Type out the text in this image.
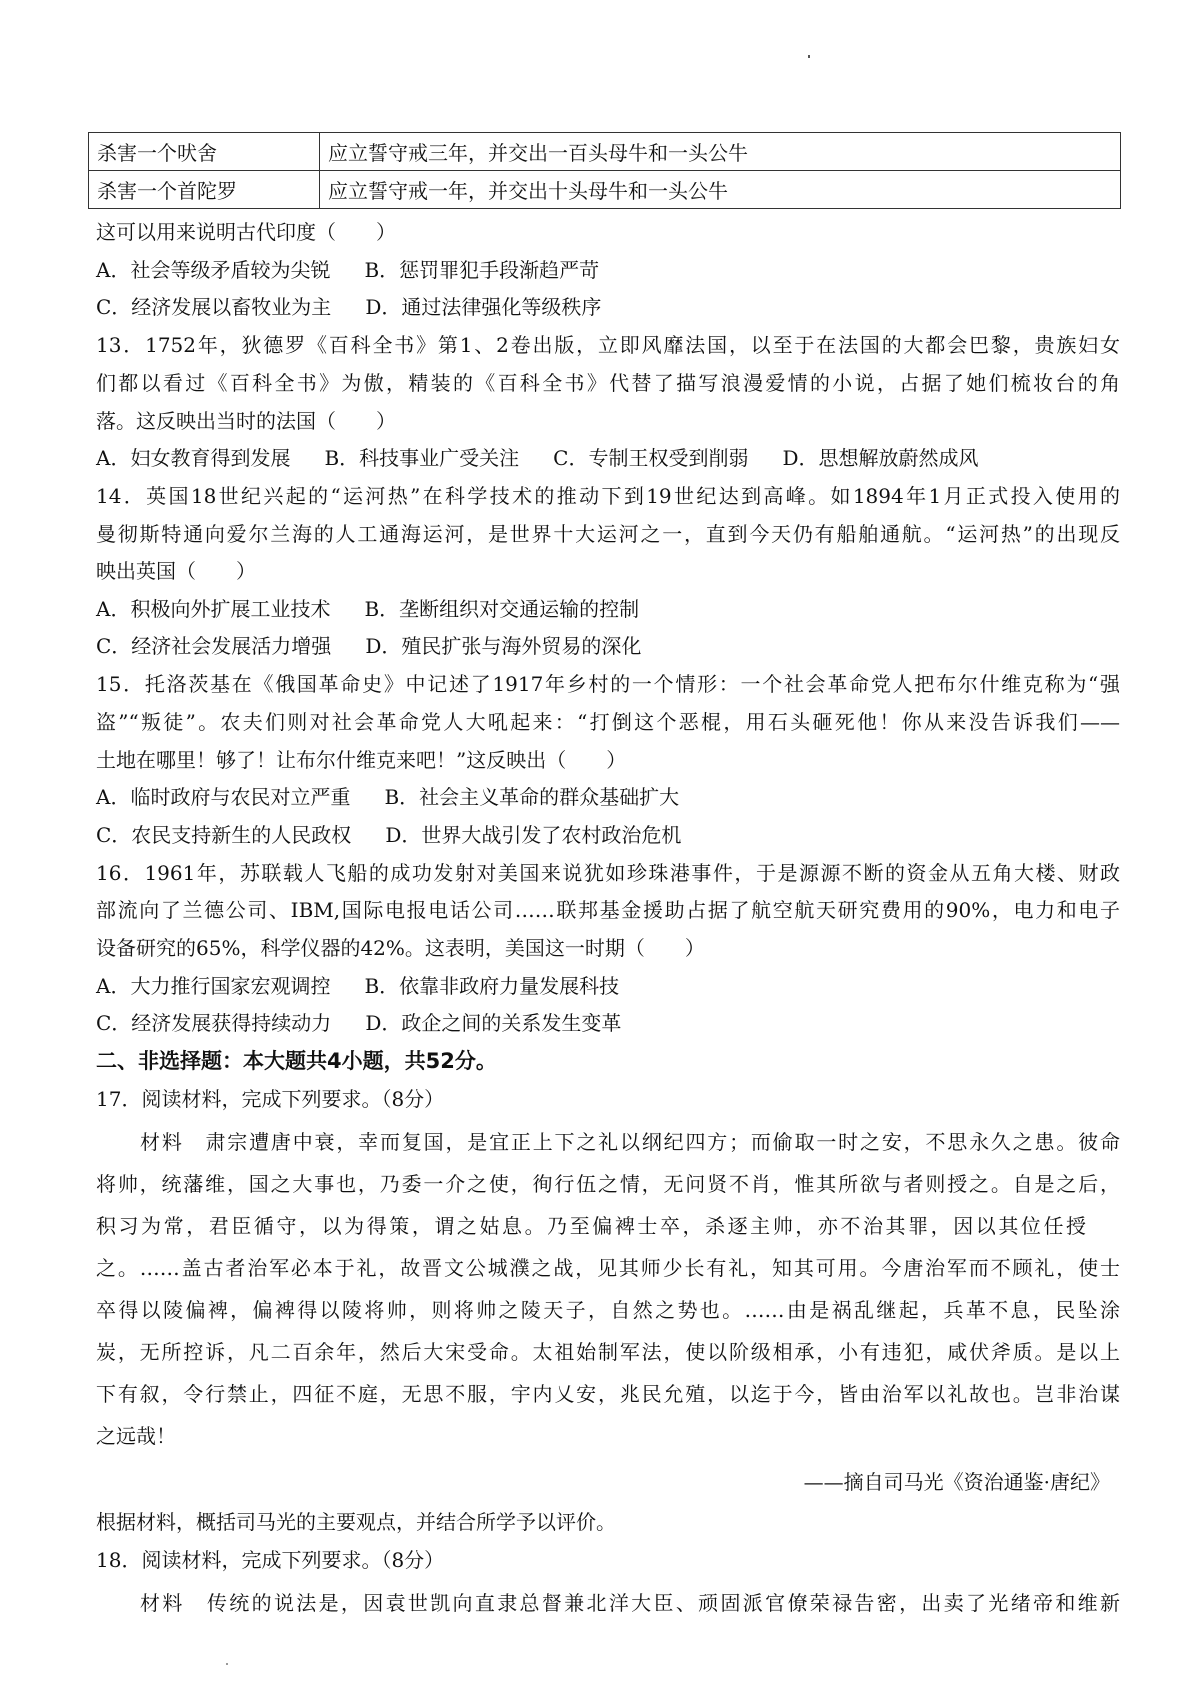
杀害一个吠舍	应立誓守戒三年，并交出一百头母牛和一头公牛
杀害一个首陀罗	应立誓守戒一年，并交出十头母牛和一头公牛
这可以用来说明古代印度（　　）
A．社会等级矛盾较为尖锐 B．惩罚罪犯手段渐趋严苛
C．经济发展以畜牧业为主 D．通过法律强化等级秩序
13．1752年，狄德罗《百科全书》第1、2卷出版，立即风靡法国，以至于在法国的大都会巴黎，贵族妇女
们都以看过《百科全书》为傲，精装的《百科全书》代替了描写浪漫爱情的小说，占据了她们梳妆台的角
落。这反映出当时的法国（　　）
A．妇女教育得到发展 B．科技事业广受关注 C．专制王权受到削弱 D．思想解放蔚然成风
14．英国18世纪兴起的“运河热”在科学技术的推动下到19世纪达到高峰。如1894年1月正式投入使用的
曼彻斯特通向爱尔兰海的人工通海运河，是世界十大运河之一，直到今天仍有船舶通航。“运河热”的出现反
映出英国（　　）
A．积极向外扩展工业技术 B．垄断组织对交通运输的控制
C．经济社会发展活力增强 D．殖民扩张与海外贸易的深化
15．托洛茨基在《俄国革命史》中记述了1917年乡村的一个情形：一个社会革命党人把布尔什维克称为“强
盗”“叛徒”。农夫们则对社会革命党人大吼起来：“打倒这个恶棍，用石头砸死他！你从来没告诉我们——
土地在哪里！够了！让布尔什维克来吧！”这反映出（　　）
A．临时政府与农民对立严重 B．社会主义革命的群众基础扩大
C．农民支持新生的人民政权 D．世界大战引发了农村政治危机
16．1961年，苏联载人飞船的成功发射对美国来说犹如珍珠港事件，于是源源不断的资金从五角大楼、财政
部流向了兰德公司、IBM,国际电报电话公司……联邦基金援助占据了航空航天研究费用的90%，电力和电子
设备研究的65%，科学仪器的42%。这表明，美国这一时期（　　）
A．大力推行国家宏观调控 B．依靠非政府力量发展科技
C．经济发展获得持续动力 D．政企之间的关系发生变革
二、非选择题：本大题共4小题，共52分。
17．阅读材料，完成下列要求。（8分）
材料　肃宗遭唐中衰，幸而复国，是宜正上下之礼以纲纪四方；而偷取一时之安，不思永久之患。彼命
将帅，统藩维，国之大事也，乃委一介之使，徇行伍之情，无问贤不肖，惟其所欲与者则授之。自是之后，
积习为常，君臣循守，以为得策，谓之姑息。乃至偏裨士卒，杀逐主帅，亦不治其罪，因以其位任授
之。……盖古者治军必本于礼，故晋文公城濮之战，见其师少长有礼，知其可用。今唐治军而不顾礼，使士
卒得以陵偏裨，偏裨得以陵将帅，则将帅之陵天子，自然之势也。……由是祸乱继起，兵革不息，民坠涂
炭，无所控诉，凡二百余年，然后大宋受命。太祖始制军法，使以阶级相承，小有违犯，咸伏斧质。是以上
下有叙，令行禁止，四征不庭，无思不服，宇内乂安，兆民允殖，以迄于今，皆由治军以礼故也。岂非治谋
之远哉！
——摘自司马光《资治通鉴·唐纪》
根据材料，概括司马光的主要观点，并结合所学予以评价。
18．阅读材料，完成下列要求。（8分）
材料　传统的说法是，因袁世凯向直隶总督兼北洋大臣、顽固派官僚荣禄告密，出卖了光绪帝和维新
